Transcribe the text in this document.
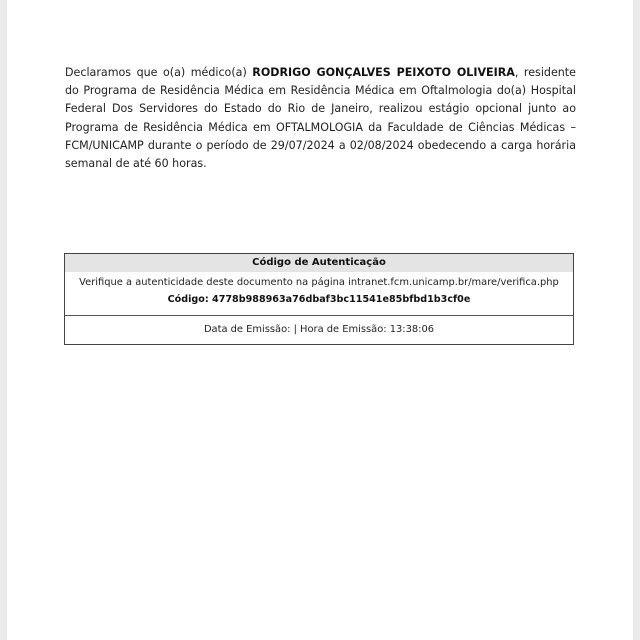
Declaramos que o(a) médico(a) RODRIGO GONÇALVES PEIXOTO OLIVEIRA, residente do Programa de Residência Médica em Residência Médica em Oftalmologia do(a) Hospital Federal Dos Servidores do Estado do Rio de Janeiro, realizou estágio opcional junto ao Programa de Residência Médica em OFTALMOLOGIA da Faculdade de Ciências Médicas – FCM/UNICAMP durante o período de 29/07/2024 a 02/08/2024 obedecendo a carga horária semanal de até 60 horas.

Código de Autenticação
Verifique a autenticidade deste documento na página intranet.fcm.unicamp.br/mare/verifica.php
Código: 4778b988963a76dbaf3bc11541e85bfbd1b3cf0e
Data de Emissão: | Hora de Emissão: 13:38:06
